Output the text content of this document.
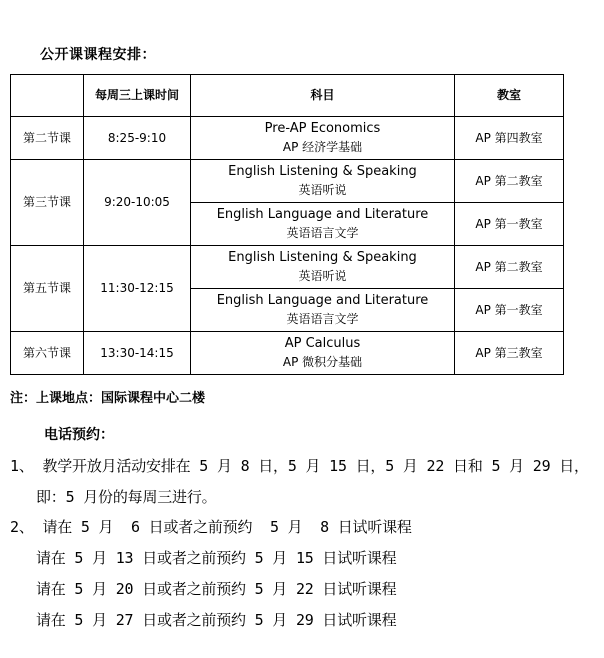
公开课课程安排：
	每周三上课时间	科目	教室
第二节课	8:25-9:10	Pre-AP Economics
AP 经济学基础	AP 第四教室
第三节课	9:20-10:05	English Listening & Speaking
英语听说	AP 第二教室

		English Language and Literature
英语语言文学	AP 第一教室
第五节课	11:30-12:15	English Listening & Speaking
英语听说	AP 第二教室

		English Language and Literature
英语语言文学	AP 第一教室
第六节课	13:30-14:15	AP Calculus
AP 微积分基础	AP 第三教室
注：上课地点：国际课程中心二楼
电话预约：
1、 教学开放月活动安排在 5 月 8 日，5 月 15 日，5 月 22 日和 5 月 29 日，
即：5 月份的每周三进行。
2、 请在 5 月  6 日或者之前预约  5 月  8 日试听课程
请在 5 月 13 日或者之前预约 5 月 15 日试听课程
请在 5 月 20 日或者之前预约 5 月 22 日试听课程
请在 5 月 27 日或者之前预约 5 月 29 日试听课程
